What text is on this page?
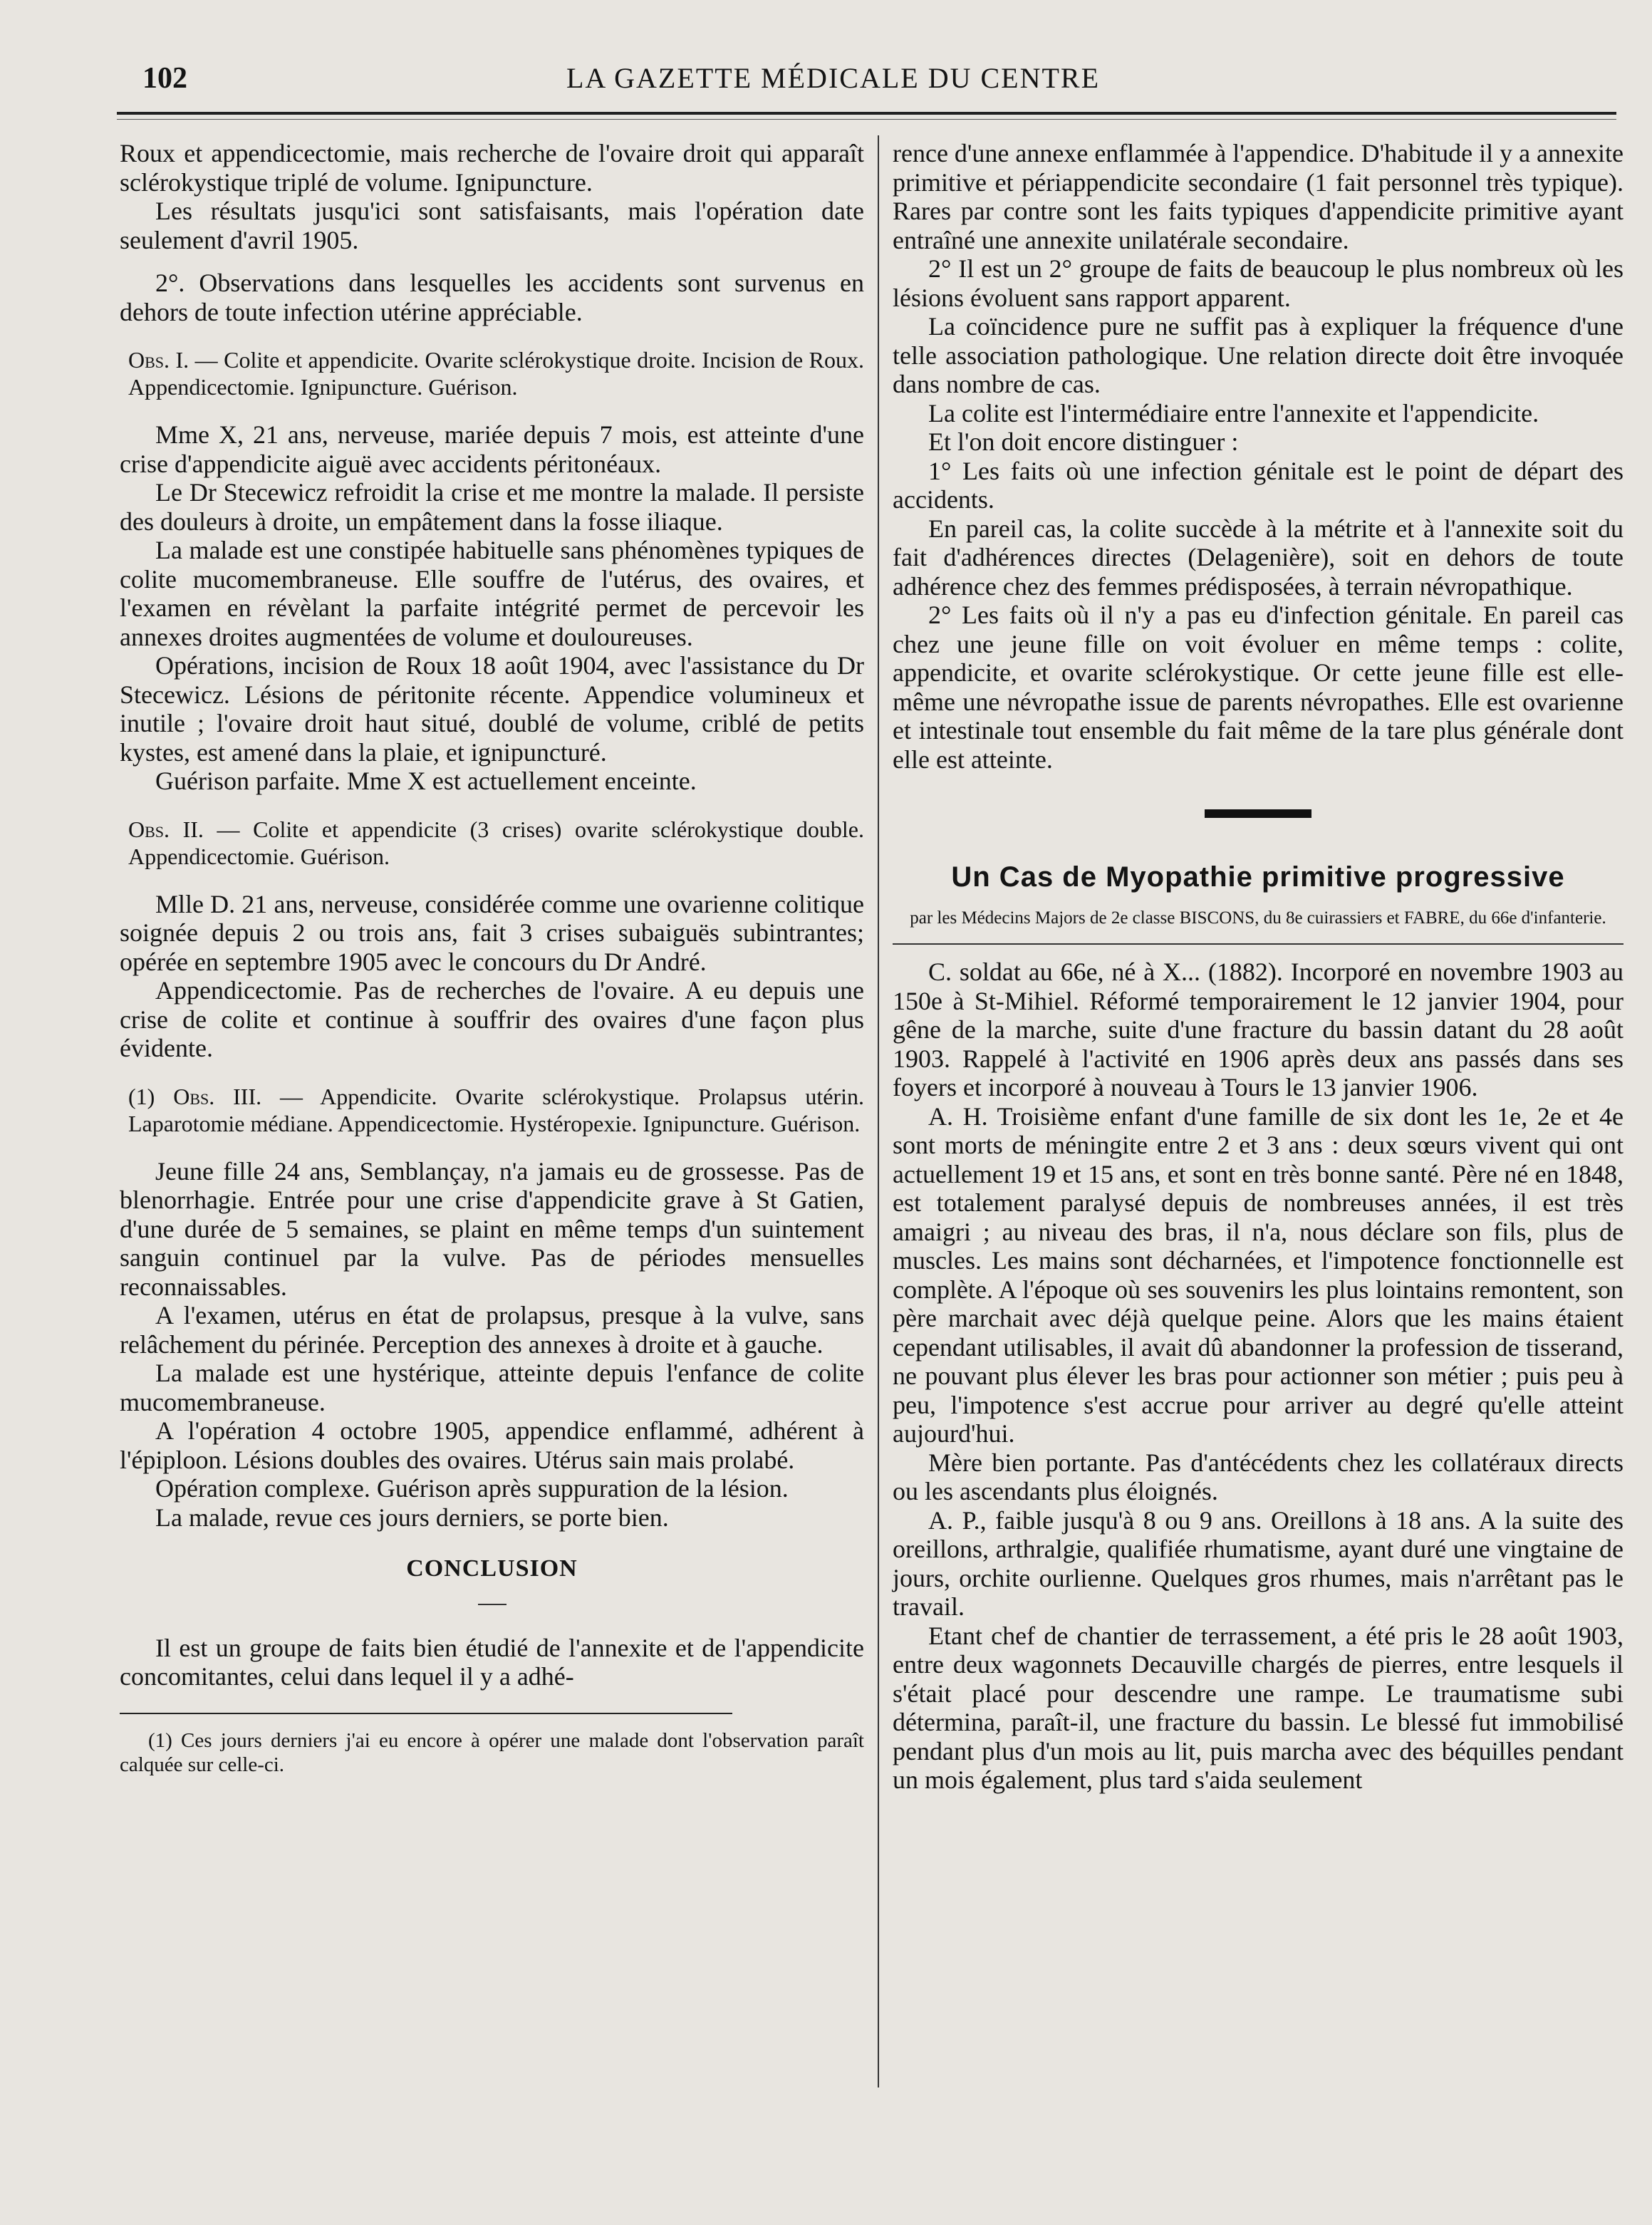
102	LA GAZETTE MÉDICALE DU CENTRE

Roux et appendicectomie, mais recherche de l'ovaire droit qui apparaît sclérokystique triplé de volume. Ignipuncture.

Les résultats jusqu'ici sont satisfaisants, mais l'opération date seulement d'avril 1905.

2°. Observations dans lesquelles les accidents sont survenus en dehors de toute infection utérine appréciable.

Obs. I. — Colite et appendicite. Ovarite sclérokystique droite. Incision de Roux. Appendicectomie. Ignipuncture. Guérison.

Mme X, 21 ans, nerveuse, mariée depuis 7 mois, est atteinte d'une crise d'appendicite aiguë avec accidents péritonéaux.

Le Dr Stecewicz refroidit la crise et me montre la malade. Il persiste des douleurs à droite, un empâtement dans la fosse iliaque.

La malade est une constipée habituelle sans phénomènes typiques de colite mucomembraneuse. Elle souffre de l'utérus, des ovaires, et l'examen en révèlant la parfaite intégrité permet de percevoir les annexes droites augmentées de volume et douloureuses.

Opérations, incision de Roux 18 août 1904, avec l'assistance du Dr Stecewicz. Lésions de péritonite récente. Appendice volumineux et inutile ; l'ovaire droit haut situé, doublé de volume, criblé de petits kystes, est amené dans la plaie, et ignipuncturé.

Guérison parfaite. Mme X est actuellement enceinte.

Obs. II. — Colite et appendicite (3 crises) ovarite sclérokystique double. Appendicectomie. Guérison.

Mlle D. 21 ans, nerveuse, considérée comme une ovarienne colitique soignée depuis 2 ou trois ans, fait 3 crises subaiguës subintrantes; opérée en septembre 1905 avec le concours du Dr André.

Appendicectomie. Pas de recherches de l'ovaire. A eu depuis une crise de colite et continue à souffrir des ovaires d'une façon plus évidente.

(1) Obs. III. — Appendicite. Ovarite sclérokystique. Prolapsus utérin. Laparotomie médiane. Appendicectomie. Hystéropexie. Ignipuncture. Guérison.

Jeune fille 24 ans, Semblançay, n'a jamais eu de grossesse. Pas de blenorrhagie. Entrée pour une crise d'appendicite grave à St Gatien, d'une durée de 5 semaines, se plaint en même temps d'un suintement sanguin continuel par la vulve. Pas de périodes mensuelles reconnaissables.

A l'examen, utérus en état de prolapsus, presque à la vulve, sans relâchement du périnée. Perception des annexes à droite et à gauche.

La malade est une hystérique, atteinte depuis l'enfance de colite mucomembraneuse.

A l'opération 4 octobre 1905, appendice enflammé, adhérent à l'épiploon. Lésions doubles des ovaires. Utérus sain mais prolabé.

Opération complexe. Guérison après suppuration de la lésion.

La malade, revue ces jours derniers, se porte bien.

CONCLUSION

Il est un groupe de faits bien étudié de l'annexite et de l'appendicite concomitantes, celui dans lequel il y a adhé-

(1) Ces jours derniers j'ai eu encore à opérer une malade dont l'observation paraît calquée sur celle-ci.

rence d'une annexe enflammée à l'appendice. D'habitude il y a annexite primitive et périappendicite secondaire (1 fait personnel très typique). Rares par contre sont les faits typiques d'appendicite primitive ayant entraîné une annexite unilatérale secondaire.

2° Il est un 2° groupe de faits de beaucoup le plus nombreux où les lésions évoluent sans rapport apparent.

La coïncidence pure ne suffit pas à expliquer la fréquence d'une telle association pathologique. Une relation directe doit être invoquée dans nombre de cas.

La colite est l'intermédiaire entre l'annexite et l'appendicite.

Et l'on doit encore distinguer :

1° Les faits où une infection génitale est le point de départ des accidents.

En pareil cas, la colite succède à la métrite et à l'annexite soit du fait d'adhérences directes (Delagenière), soit en dehors de toute adhérence chez des femmes prédisposées, à terrain névropathique.

2° Les faits où il n'y a pas eu d'infection génitale. En pareil cas chez une jeune fille on voit évoluer en même temps : colite, appendicite, et ovarite sclérokystique. Or cette jeune fille est elle-même une névropathe issue de parents névropathes. Elle est ovarienne et intestinale tout ensemble du fait même de la tare plus générale dont elle est atteinte.

Un Cas de Myopathie primitive progressive

par les Médecins Majors de 2e classe BISCONS, du 8e cuirassiers et FABRE, du 66e d'infanterie.

C. soldat au 66e, né à X... (1882). Incorporé en novembre 1903 au 150e à St-Mihiel. Réformé temporairement le 12 janvier 1904, pour gêne de la marche, suite d'une fracture du bassin datant du 28 août 1903. Rappelé à l'activité en 1906 après deux ans passés dans ses foyers et incorporé à nouveau à Tours le 13 janvier 1906.

A. H. Troisième enfant d'une famille de six dont les 1e, 2e et 4e sont morts de méningite entre 2 et 3 ans : deux sœurs vivent qui ont actuellement 19 et 15 ans, et sont en très bonne santé. Père né en 1848, est totalement paralysé depuis de nombreuses années, il est très amaigri ; au niveau des bras, il n'a, nous déclare son fils, plus de muscles. Les mains sont décharnées, et l'impotence fonctionnelle est complète. A l'époque où ses souvenirs les plus lointains remontent, son père marchait avec déjà quelque peine. Alors que les mains étaient cependant utilisables, il avait dû abandonner la profession de tisserand, ne pouvant plus élever les bras pour actionner son métier ; puis peu à peu, l'impotence s'est accrue pour arriver au degré qu'elle atteint aujourd'hui.

Mère bien portante. Pas d'antécédents chez les collatéraux directs ou les ascendants plus éloignés.

A. P., faible jusqu'à 8 ou 9 ans. Oreillons à 18 ans. A la suite des oreillons, arthralgie, qualifiée rhumatisme, ayant duré une vingtaine de jours, orchite ourlienne. Quelques gros rhumes, mais n'arrêtant pas le travail.

Etant chef de chantier de terrassement, a été pris le 28 août 1903, entre deux wagonnets Decauville chargés de pierres, entre lesquels il s'était placé pour descendre une rampe. Le traumatisme subi détermina, paraît-il, une fracture du bassin. Le blessé fut immobilisé pendant plus d'un mois au lit, puis marcha avec des béquilles pendant un mois également, plus tard s'aida seulement
